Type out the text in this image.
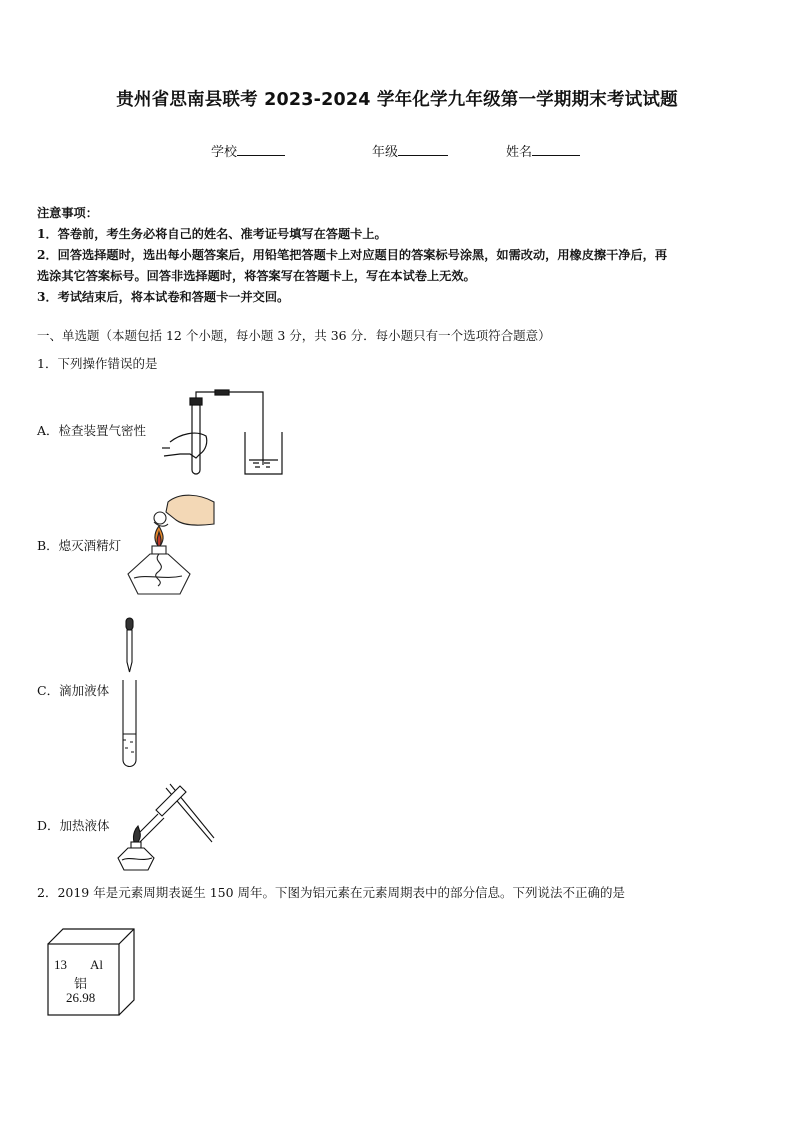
贵州省思南县联考 2023-2024 学年化学九年级第一学期期末考试试题
学校	年级	姓名
注意事项：
1．答卷前，考生务必将自己的姓名、准考证号填写在答题卡上。
2．回答选择题时，选出每小题答案后，用铅笔把答题卡上对应题目的答案标号涂黑，如需改动，用橡皮擦干净后，再
选涂其它答案标号。回答非选择题时，将答案写在答题卡上，写在本试卷上无效。
3．考试结束后，将本试卷和答题卡一并交回。
一、单选题（本题包括 12 个小题，每小题 3 分，共 36 分．每小题只有一个选项符合题意）
1．下列操作错误的是
A．检查装置气密性
B．熄灭酒精灯
C．滴加液体
D．加热液体
2．2019 年是元素周期表诞生 150 周年。下图为铝元素在元素周期表中的部分信息。下列说法不正确的是
13 Al
铝
26.98
